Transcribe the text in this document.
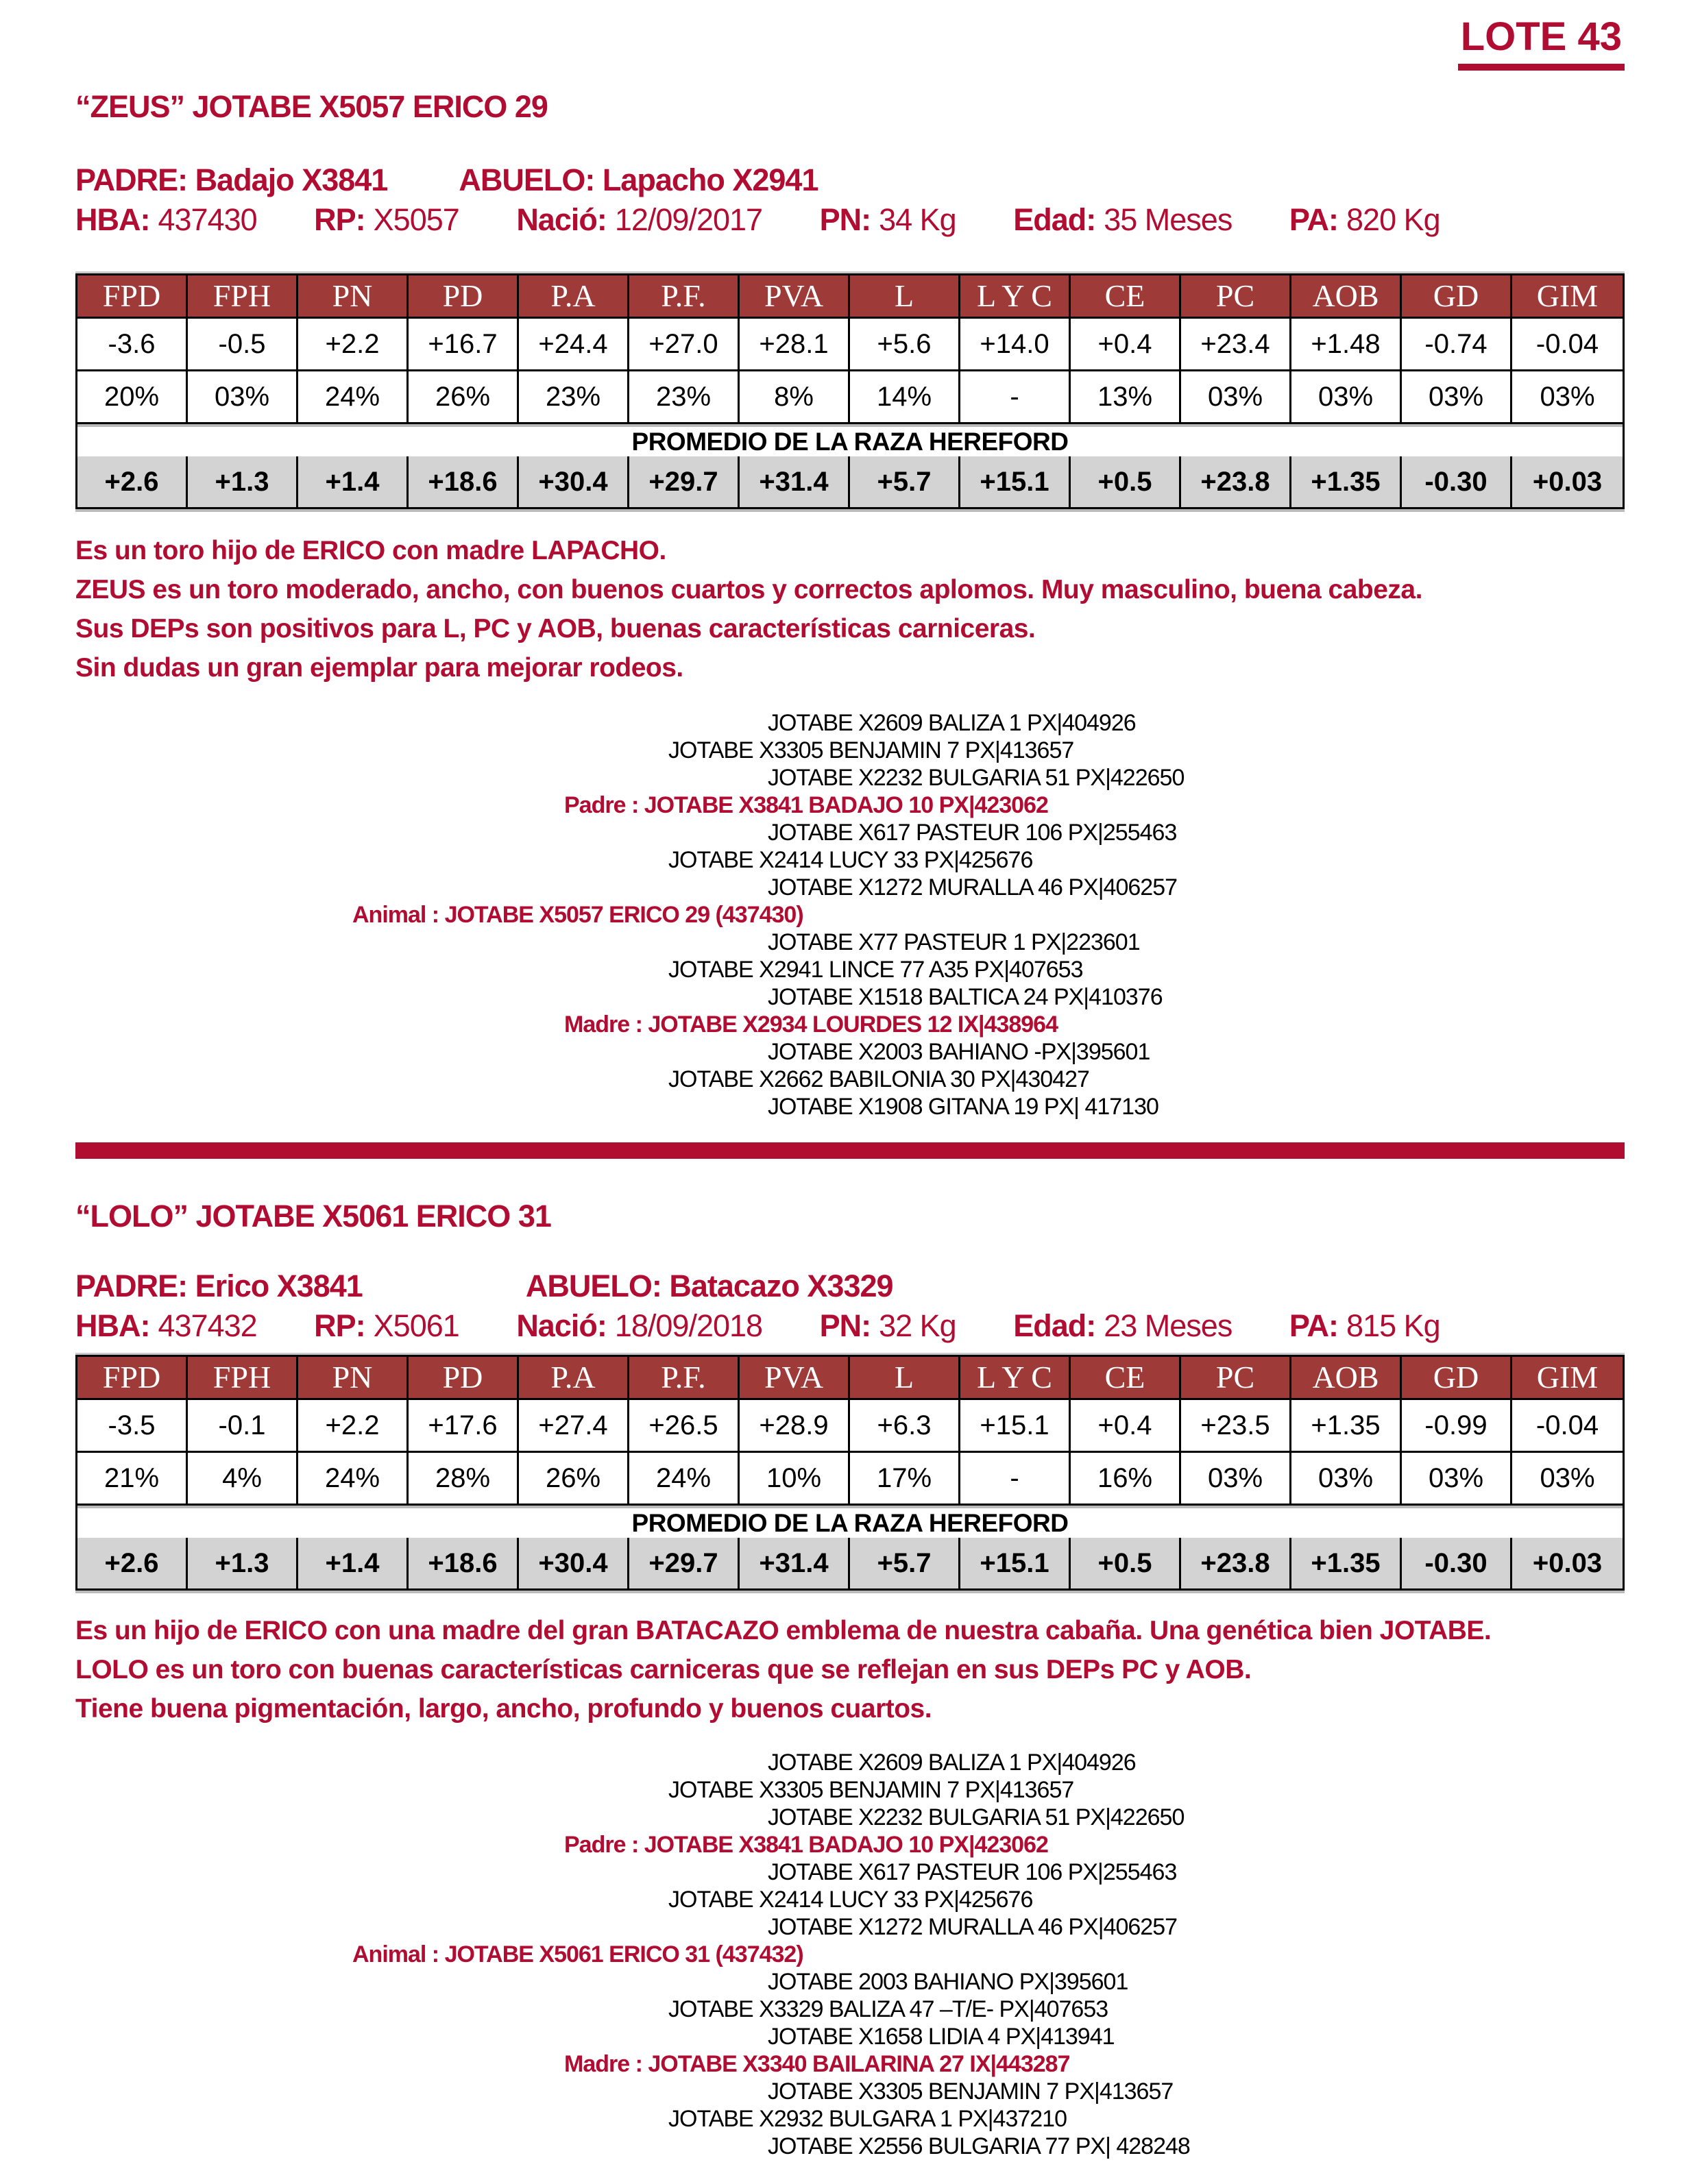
LOTE 43
“ZEUS” JOTABE X5057 ERICO 29
PADRE: Badajo X3841 ABUELO: Lapacho X2941
HBA: 437430 RP: X5057 Nació: 12/09/2017 PN: 34 Kg Edad: 35 Meses PA: 820 Kg
FPD	FPH	PN	PD	P.A	P.F.	PVA	L	L Y C	CE	PC	AOB	GD	GIM
-3.6	-0.5	+2.2	+16.7	+24.4	+27.0	+28.1	+5.6	+14.0	+0.4	+23.4	+1.48	-0.74	-0.04
20%	03%	24%	26%	23%	23%	8%	14%	-	13%	03%	03%	03%	03%
PROMEDIO DE LA RAZA HEREFORD
+2.6	+1.3	+1.4	+18.6	+30.4	+29.7	+31.4	+5.7	+15.1	+0.5	+23.8	+1.35	-0.30	+0.03
Es un toro hijo de ERICO con madre LAPACHO.
ZEUS es un toro moderado, ancho, con buenos cuartos y correctos aplomos. Muy masculino, buena cabeza.
Sus DEPs son positivos para L, PC y AOB, buenas características carniceras.
Sin dudas un gran ejemplar para mejorar rodeos.
JOTABE X2609 BALIZA 1 PX|404926
JOTABE X3305 BENJAMIN 7 PX|413657
JOTABE X2232 BULGARIA 51 PX|422650
Padre : JOTABE X3841 BADAJO 10 PX|423062
JOTABE X617 PASTEUR 106 PX|255463
JOTABE X2414 LUCY 33 PX|425676
JOTABE X1272 MURALLA 46 PX|406257
Animal : JOTABE X5057 ERICO 29 (437430)
JOTABE X77 PASTEUR 1 PX|223601
JOTABE X2941 LINCE 77 A35 PX|407653
JOTABE X1518 BALTICA 24 PX|410376
Madre : JOTABE X2934 LOURDES 12 IX|438964
JOTABE X2003 BAHIANO -PX|395601
JOTABE X2662 BABILONIA 30 PX|430427
JOTABE X1908 GITANA 19 PX| 417130
“LOLO” JOTABE X5061 ERICO 31
PADRE: Erico X3841	ABUELO: Batacazo X3329
HBA: 437432 RP: X5061 Nació: 18/09/2018 PN: 32 Kg Edad: 23 Meses PA: 815 Kg
FPD	FPH	PN	PD	P.A	P.F.	PVA	L	L Y C	CE	PC	AOB	GD	GIM
-3.5	-0.1	+2.2	+17.6	+27.4	+26.5	+28.9	+6.3	+15.1	+0.4	+23.5	+1.35	-0.99	-0.04
21%	4%	24%	28%	26%	24%	10%	17%	-	16%	03%	03%	03%	03%
PROMEDIO DE LA RAZA HEREFORD
+2.6	+1.3	+1.4	+18.6	+30.4	+29.7	+31.4	+5.7	+15.1	+0.5	+23.8	+1.35	-0.30	+0.03
Es un hijo de ERICO con una madre del gran BATACAZO emblema de nuestra cabaña. Una genética bien JOTABE.
LOLO es un toro con buenas características carniceras que se reflejan en sus DEPs PC y AOB.
Tiene buena pigmentación, largo, ancho, profundo y buenos cuartos.
JOTABE X2609 BALIZA 1 PX|404926
JOTABE X3305 BENJAMIN 7 PX|413657
JOTABE X2232 BULGARIA 51 PX|422650
Padre : JOTABE X3841 BADAJO 10 PX|423062
JOTABE X617 PASTEUR 106 PX|255463
JOTABE X2414 LUCY 33 PX|425676
JOTABE X1272 MURALLA 46 PX|406257
Animal : JOTABE X5061 ERICO 31 (437432)
JOTABE 2003 BAHIANO PX|395601
JOTABE X3329 BALIZA 47 –T/E- PX|407653
JOTABE X1658 LIDIA 4 PX|413941
Madre : JOTABE X3340 BAILARINA 27 IX|443287
JOTABE X3305 BENJAMIN 7 PX|413657
JOTABE X2932 BULGARA 1 PX|437210
JOTABE X2556 BULGARIA 77 PX| 428248
